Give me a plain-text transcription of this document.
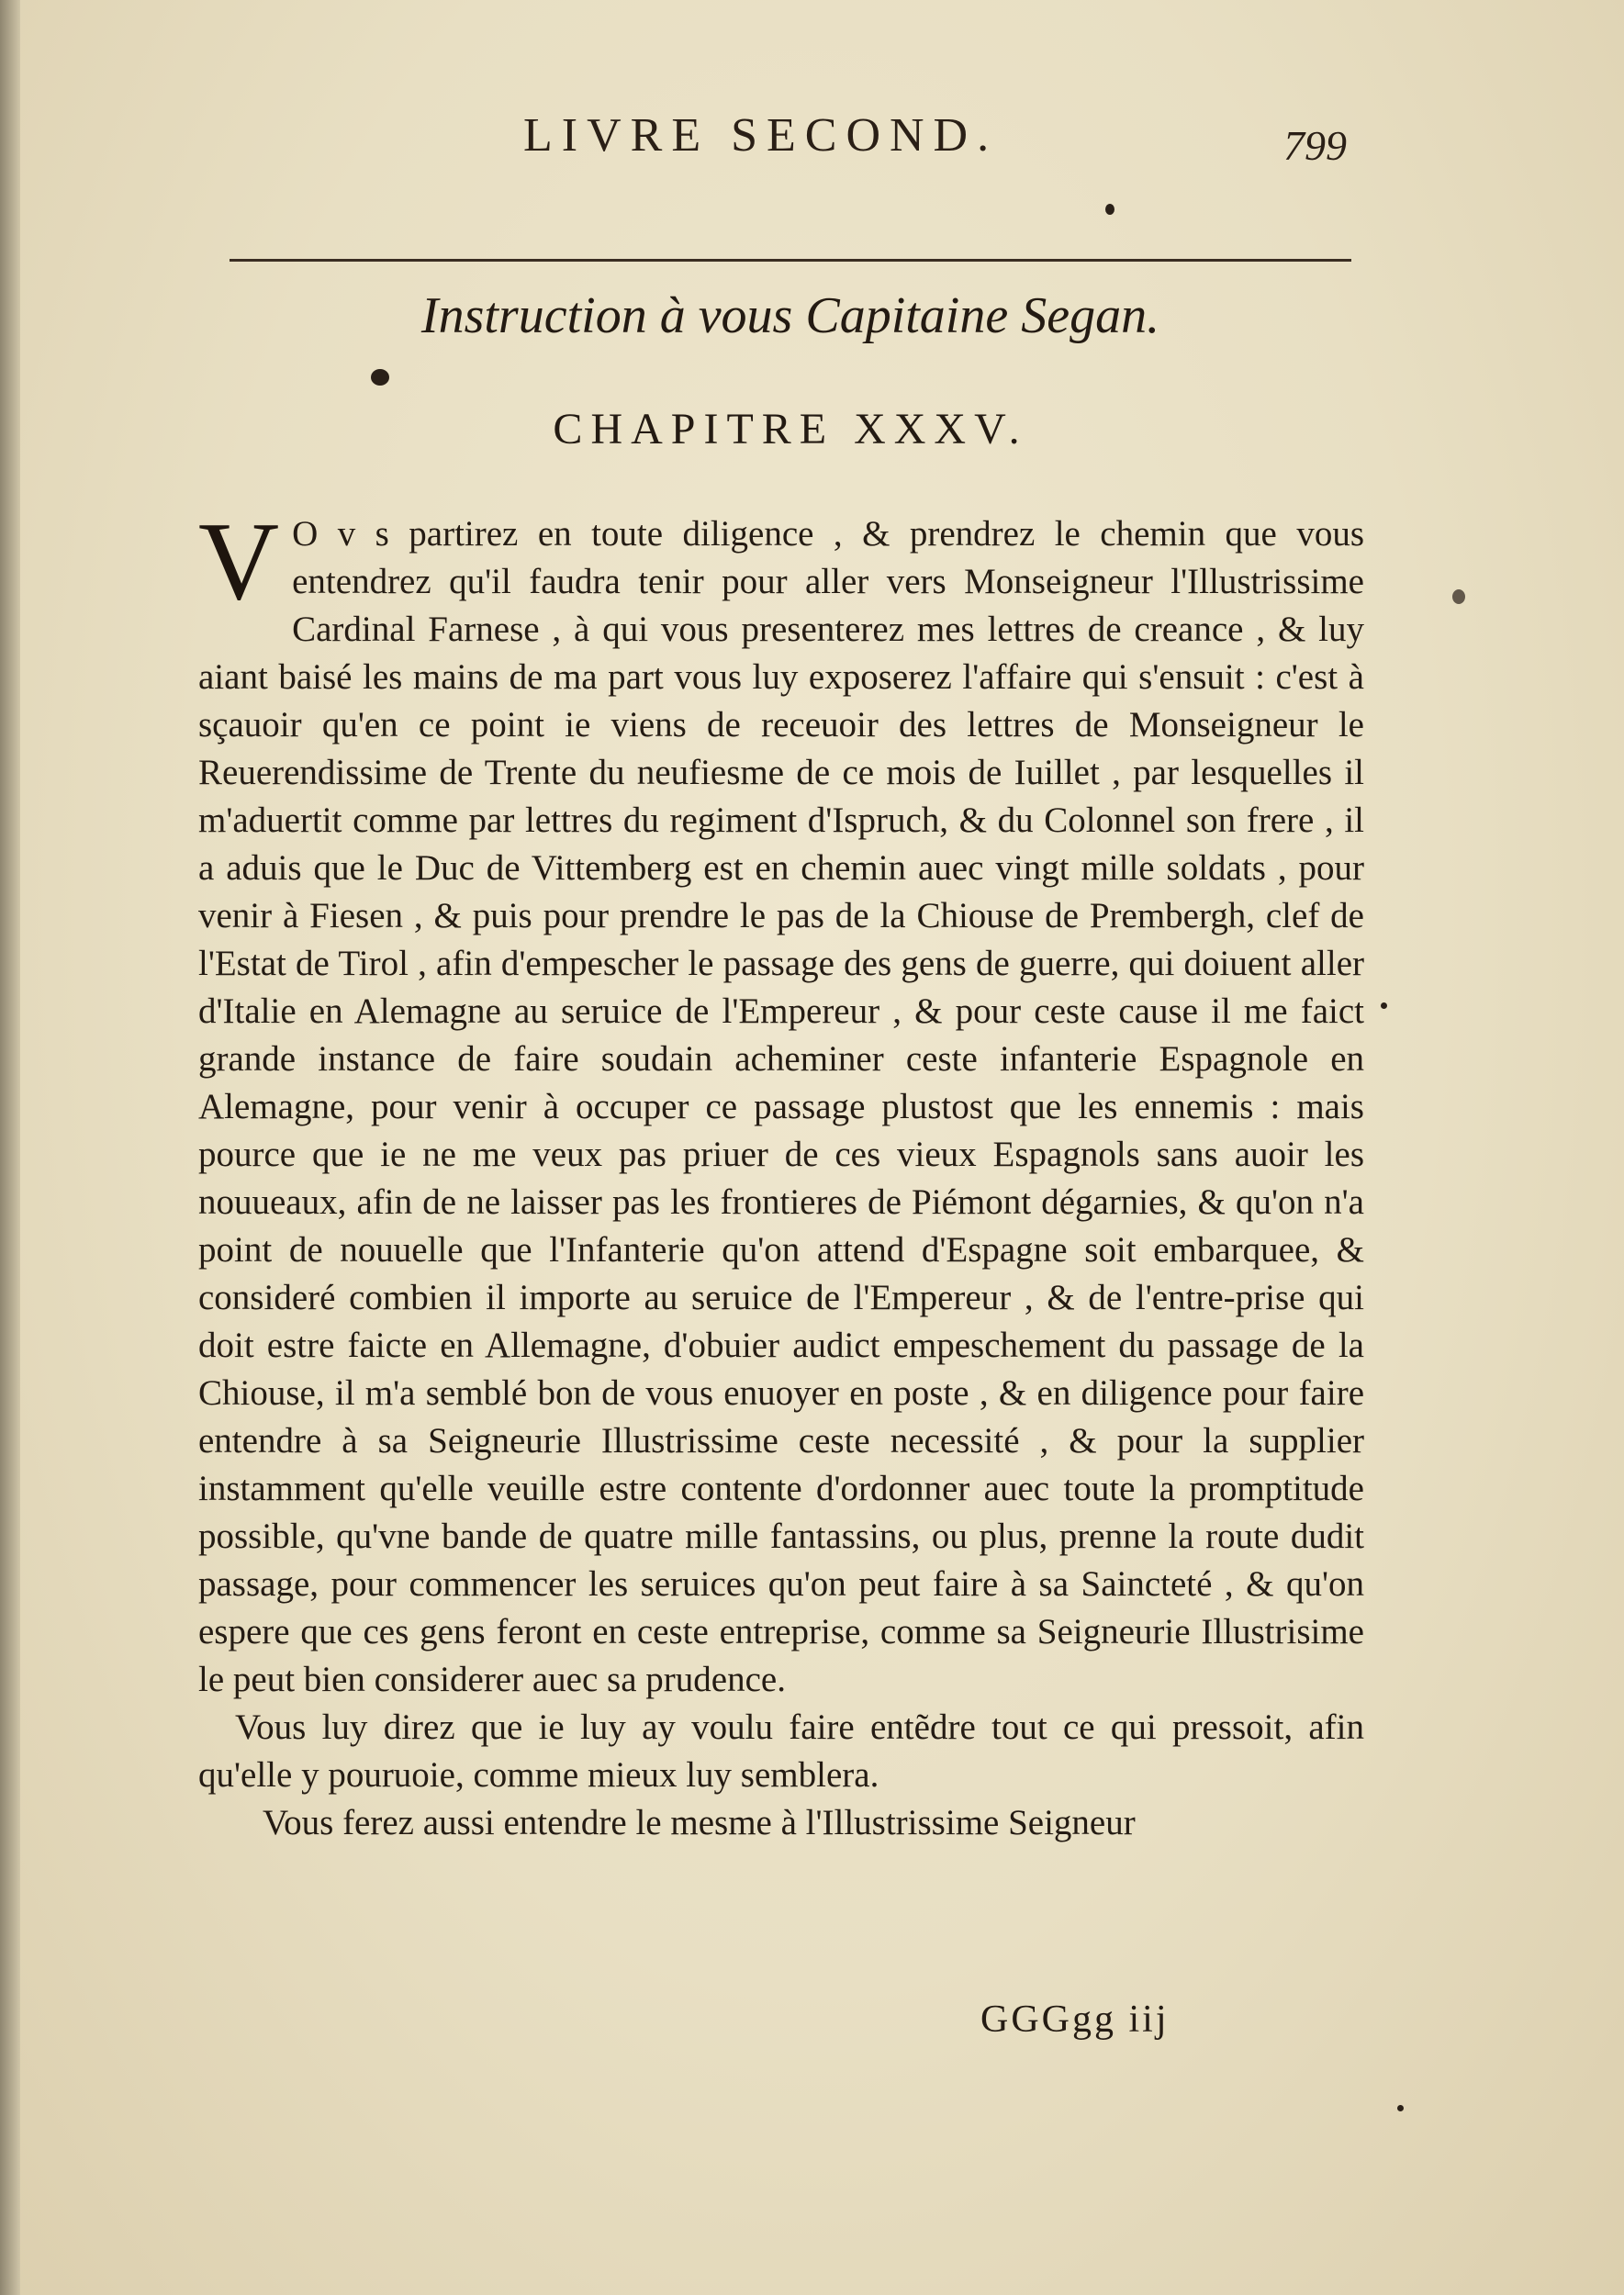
LIVRE SECOND.	799
Instruction à vous Capitaine Segan.
CHAPITRE XXXV.

V O v s partirez en toute diligence , & prendrez le chemin que vous entendrez qu'il faudra tenir pour aller vers Monseigneur l'Illustrissime Cardinal Farnese , à qui vous presenterez mes lettres de creance , & luy aiant baisé les mains de ma part vous luy exposerez l'affaire qui s'ensuit : c'est à sçauoir qu'en ce point ie viens de receuoir des lettres de Monseigneur le Reuerendissime de Trente du neufiesme de ce mois de Iuillet , par lesquelles il m'aduertit comme par lettres du regiment d'Ispruch, & du Colonnel son frere , il a aduis que le Duc de Vittemberg est en chemin auec vingt mille soldats , pour venir à Fiesen , & puis pour prendre le pas de la Chiouse de Prembergh, clef de l'Estat de Tirol , afin d'empescher le passage des gens de guerre, qui doiuent aller d'Italie en Alemagne au seruice de l'Empereur , & pour ceste cause il me faict grande instance de faire soudain acheminer ceste infanterie Espagnole en Alemagne, pour venir à occuper ce passage plustost que les ennemis : mais pource que ie ne me veux pas priuer de ces vieux Espagnols sans auoir les nouueaux, afin de ne laisser pas les frontieres de Piémont dégarnies, & qu'on n'a point de nouuelle que l'Infanterie qu'on attend d'Espagne soit embarquee, & consideré combien il importe au seruice de l'Empereur , & de l'entre-prise qui doit estre faicte en Allemagne, d'obuier audict empeschement du passage de la Chiouse, il m'a semblé bon de vous enuoyer en poste , & en diligence pour faire entendre à sa Seigneurie Illustrissime ceste necessité , & pour la supplier instamment qu'elle veuille estre contente d'ordonner auec toute la promptitude possible, qu'vne bande de quatre mille fantassins, ou plus, prenne la route dudit passage, pour commencer les seruices qu'on peut faire à sa Saincteté , & qu'on espere que ces gens feront en ceste entreprise, comme sa Seigneurie Illustrisime le peut bien considerer auec sa prudence.

Vous luy direz que ie luy ay voulu faire entẽdre tout ce qui pressoit, afin qu'elle y pouruoie, comme mieux luy semblera.

Vous ferez aussi entendre le mesme à l'Illustrissime Seigneur

GGGgg iij
